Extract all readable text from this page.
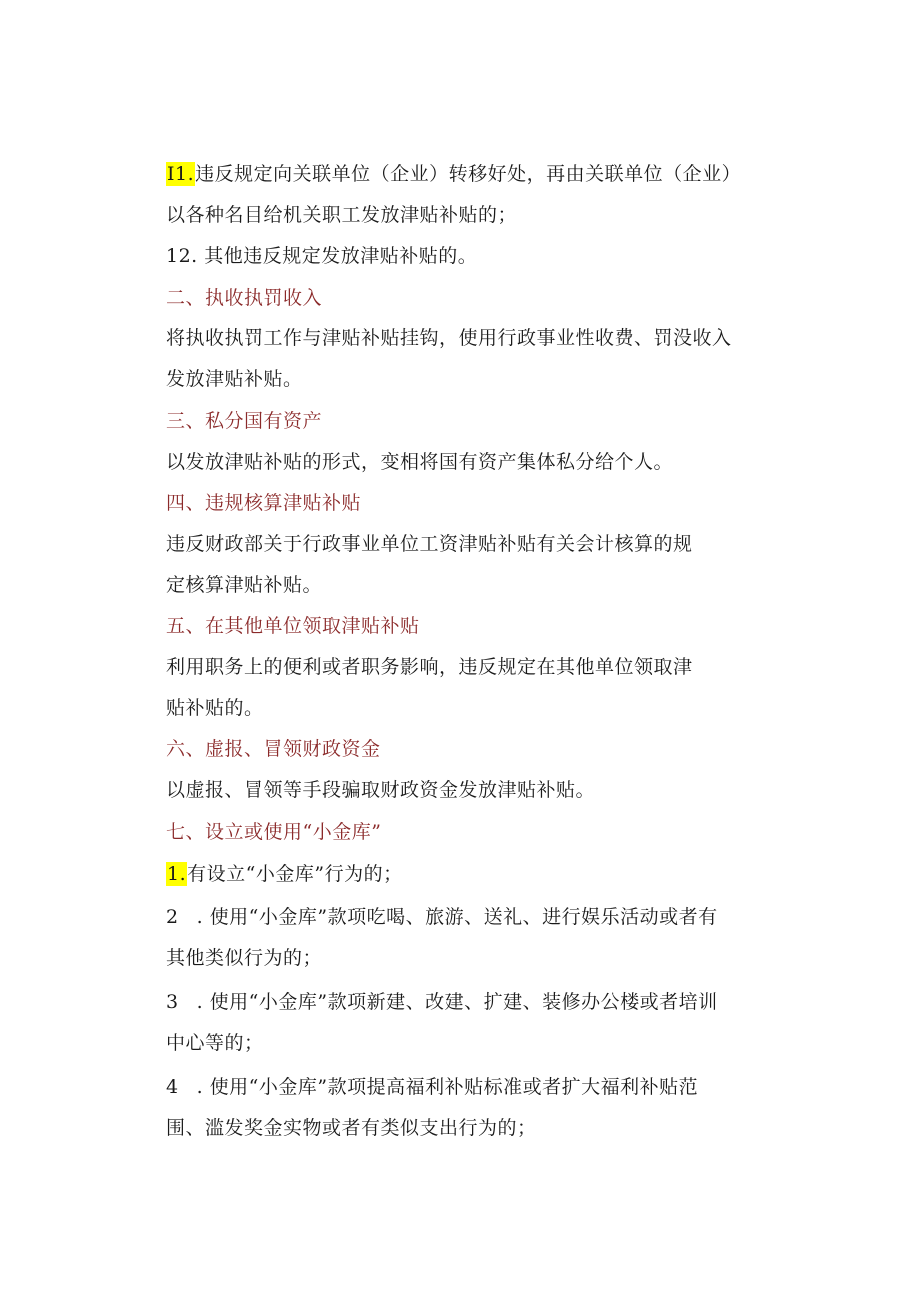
I1.违反规定向关联单位（企业）转移好处，再由关联单位（企业）
以各种名目给机关职工发放津贴补贴的；
12. 其他违反规定发放津贴补贴的。
二、执收执罚收入
将执收执罚工作与津贴补贴挂钩，使用行政事业性收费、罚没收入
发放津贴补贴。
三、私分国有资产
以发放津贴补贴的形式，变相将国有资产集体私分给个人。
四、违规核算津贴补贴
违反财政部关于行政事业单位工资津贴补贴有关会计核算的规
定核算津贴补贴。
五、在其他单位领取津贴补贴
利用职务上的便利或者职务影响，违反规定在其他单位领取津
贴补贴的。
六、虚报、冒领财政资金
以虚报、冒领等手段骗取财政资金发放津贴补贴。
七、设立或使用“小金库”
1.有设立“小金库”行为的；
2 . 使用“小金库”款项吃喝、旅游、送礼、进行娱乐活动或者有
其他类似行为的；
3 . 使用“小金库”款项新建、改建、扩建、装修办公楼或者培训
中心等的；
4 . 使用“小金库”款项提高福利补贴标准或者扩大福利补贴范
围、滥发奖金实物或者有类似支出行为的；
